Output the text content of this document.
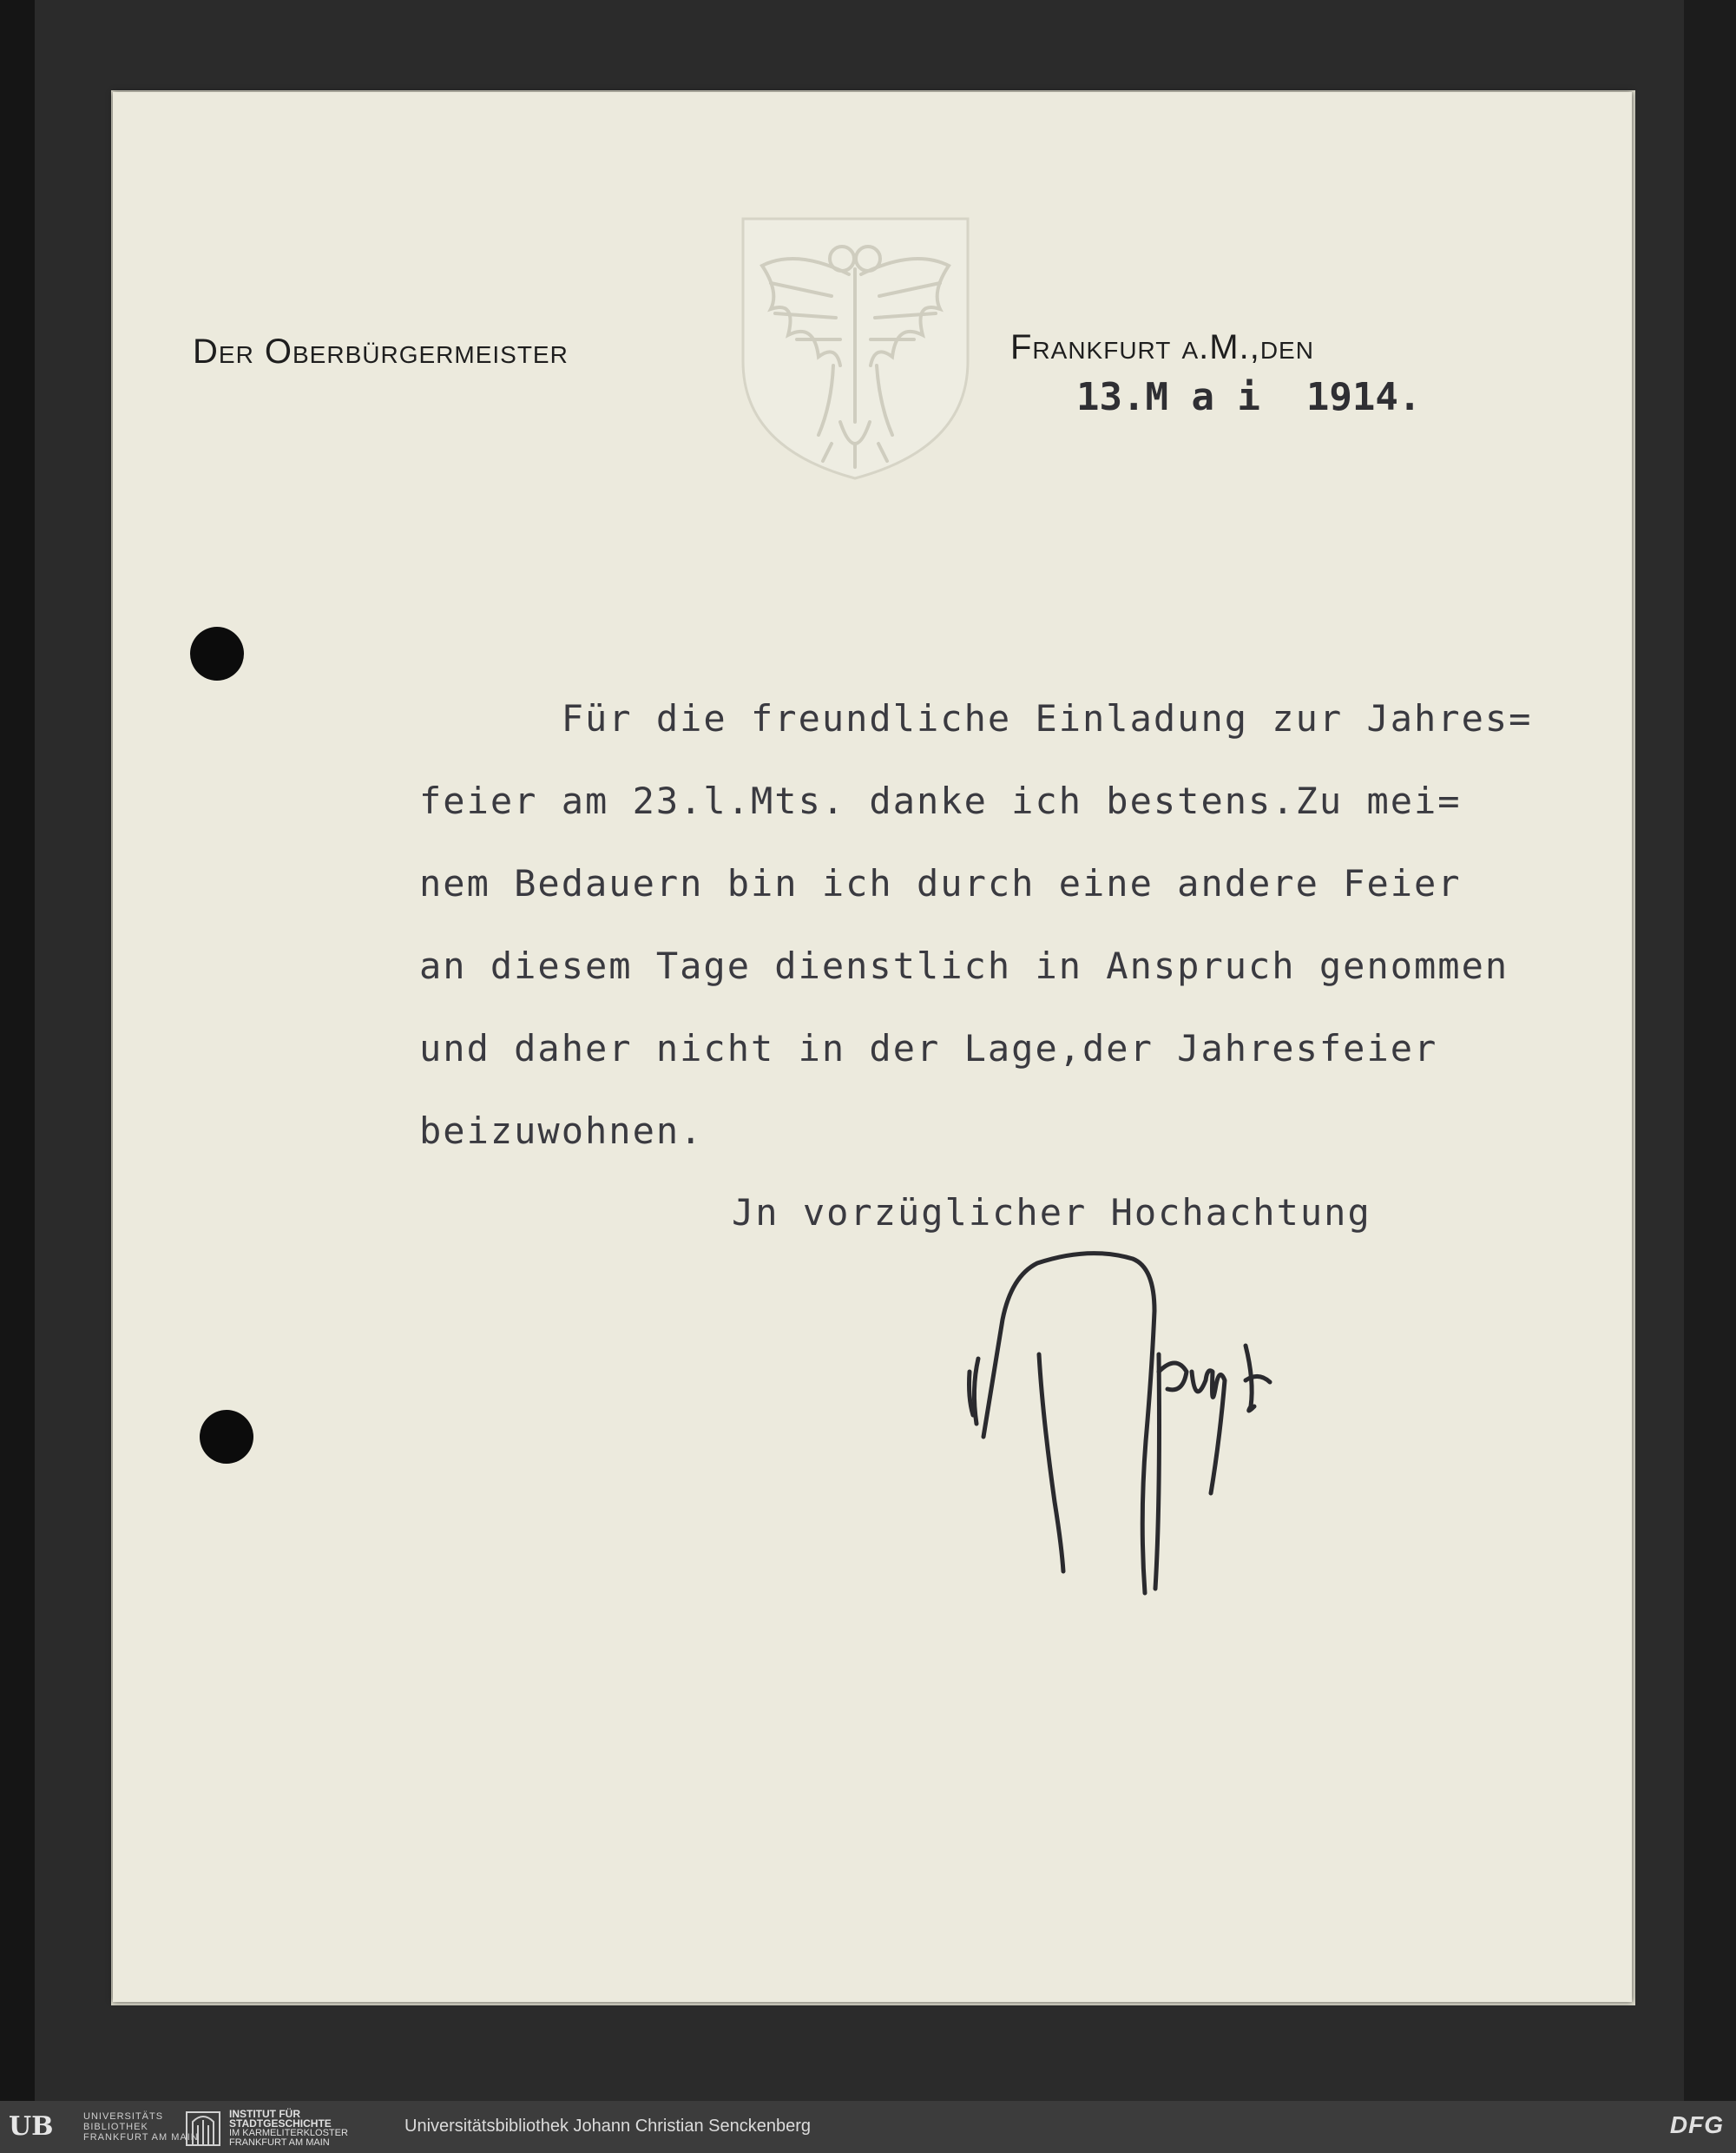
Der Oberbürgermeister	Frankfurt a.M.,den
13.M a i  1914.
Für die freundliche Einladung zur Jahres=
feier am 23.l.Mts. danke ich bestens.Zu mei=
nem Bedauern bin ich durch eine andere Feier
an diesem Tage dienstlich in Anspruch genommen
und daher nicht in der Lage,der Jahresfeier
beizuwohnen.
Jn vorzüglicher Hochachtung
UB	UNIVERSITÄTS BIBLIOTHEK FRANKFURT AM MAIN
INSTITUT FÜR STADTGESCHICHTE
IM KARMELITERKLOSTER FRANKFURT AM MAIN
Universitätsbibliothek Johann Christian Senckenberg	DFG
